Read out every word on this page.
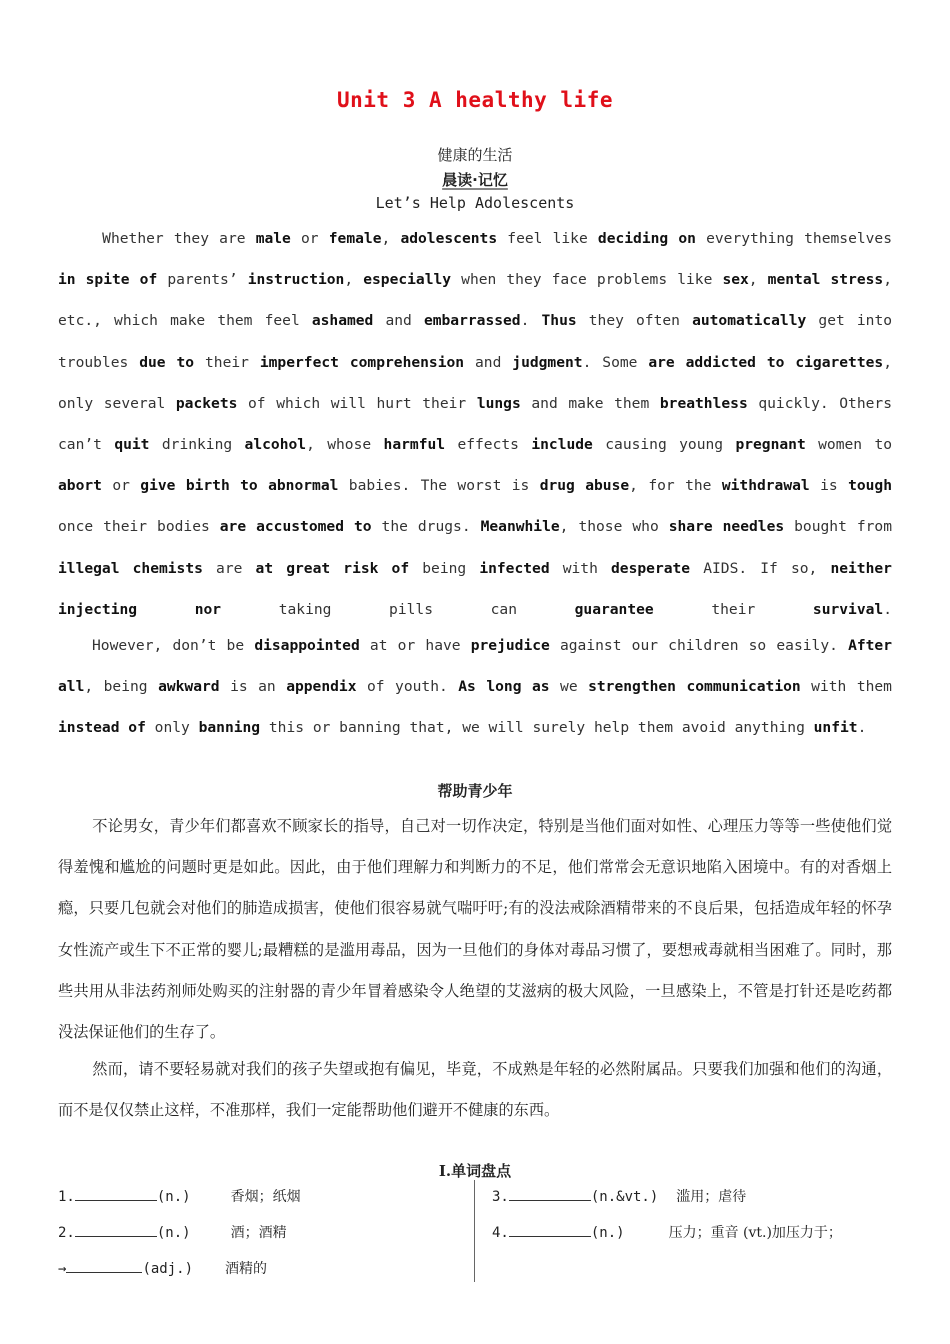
Unit 3 A healthy life
健康的生活
晨读·记忆
Let’s Help Adolescents

Whether they are male or female, adolescents feel like deciding on everything themselves in spite of parents’ instruction, especially when they face problems like sex, mental stress, etc., which make them feel ashamed and embarrassed. Thus they often automatically get into troubles due to their imperfect comprehension and judgment. Some are addicted to cigarettes, only several packets of which will hurt their lungs and make them breathless quickly. Others can’t quit drinking alcohol, whose harmful effects include causing young pregnant women to abort or give birth to abnormal babies. The worst is drug abuse, for the withdrawal is tough once their bodies are accustomed to the drugs. Meanwhile, those who share needles bought from illegal chemists are at great risk of being infected with desperate AIDS. If so, neither injecting nor taking pills can guarantee their survival.

However, don’t be disappointed at or have prejudice against our children so easily. After all, being awkward is an appendix of youth. As long as we strengthen communication with them instead of only banning this or banning that, we will surely help them avoid anything unfit.

帮助青少年

不论男女，青少年们都喜欢不顾家长的指导，自己对一切作决定，特别是当他们面对如性、心理压力等等一些使他们觉得羞愧和尴尬的问题时更是如此。因此，由于他们理解力和判断力的不足，他们常常会无意识地陷入困境中。有的对香烟上瘾，只要几包就会对他们的肺造成损害，使他们很容易就气喘吁吁;有的没法戒除酒精带来的不良后果，包括造成年轻的怀孕女性流产或生下不正常的婴儿;最糟糕的是滥用毒品，因为一旦他们的身体对毒品习惯了，要想戒毒就相当困难了。同时，那些共用从非法药剂师处购买的注射器的青少年冒着感染令人绝望的艾滋病的极大风险，一旦感染上，不管是打针还是吃药都没法保证他们的生存了。

然而，请不要轻易就对我们的孩子失望或抱有偏见，毕竟，不成熟是年轻的必然附属品。只要我们加强和他们的沟通，而不是仅仅禁止这样，不准那样，我们一定能帮助他们避开不健康的东西。

Ⅰ.单词盘点
1.	(n.)	香烟；纸烟
2.	(n.)	酒；酒精
→	(adj.) 酒精的
3.	(n.&vt.) 滥用；虐待
4.	(n.)	压力；重音 (vt.)加压力于；
